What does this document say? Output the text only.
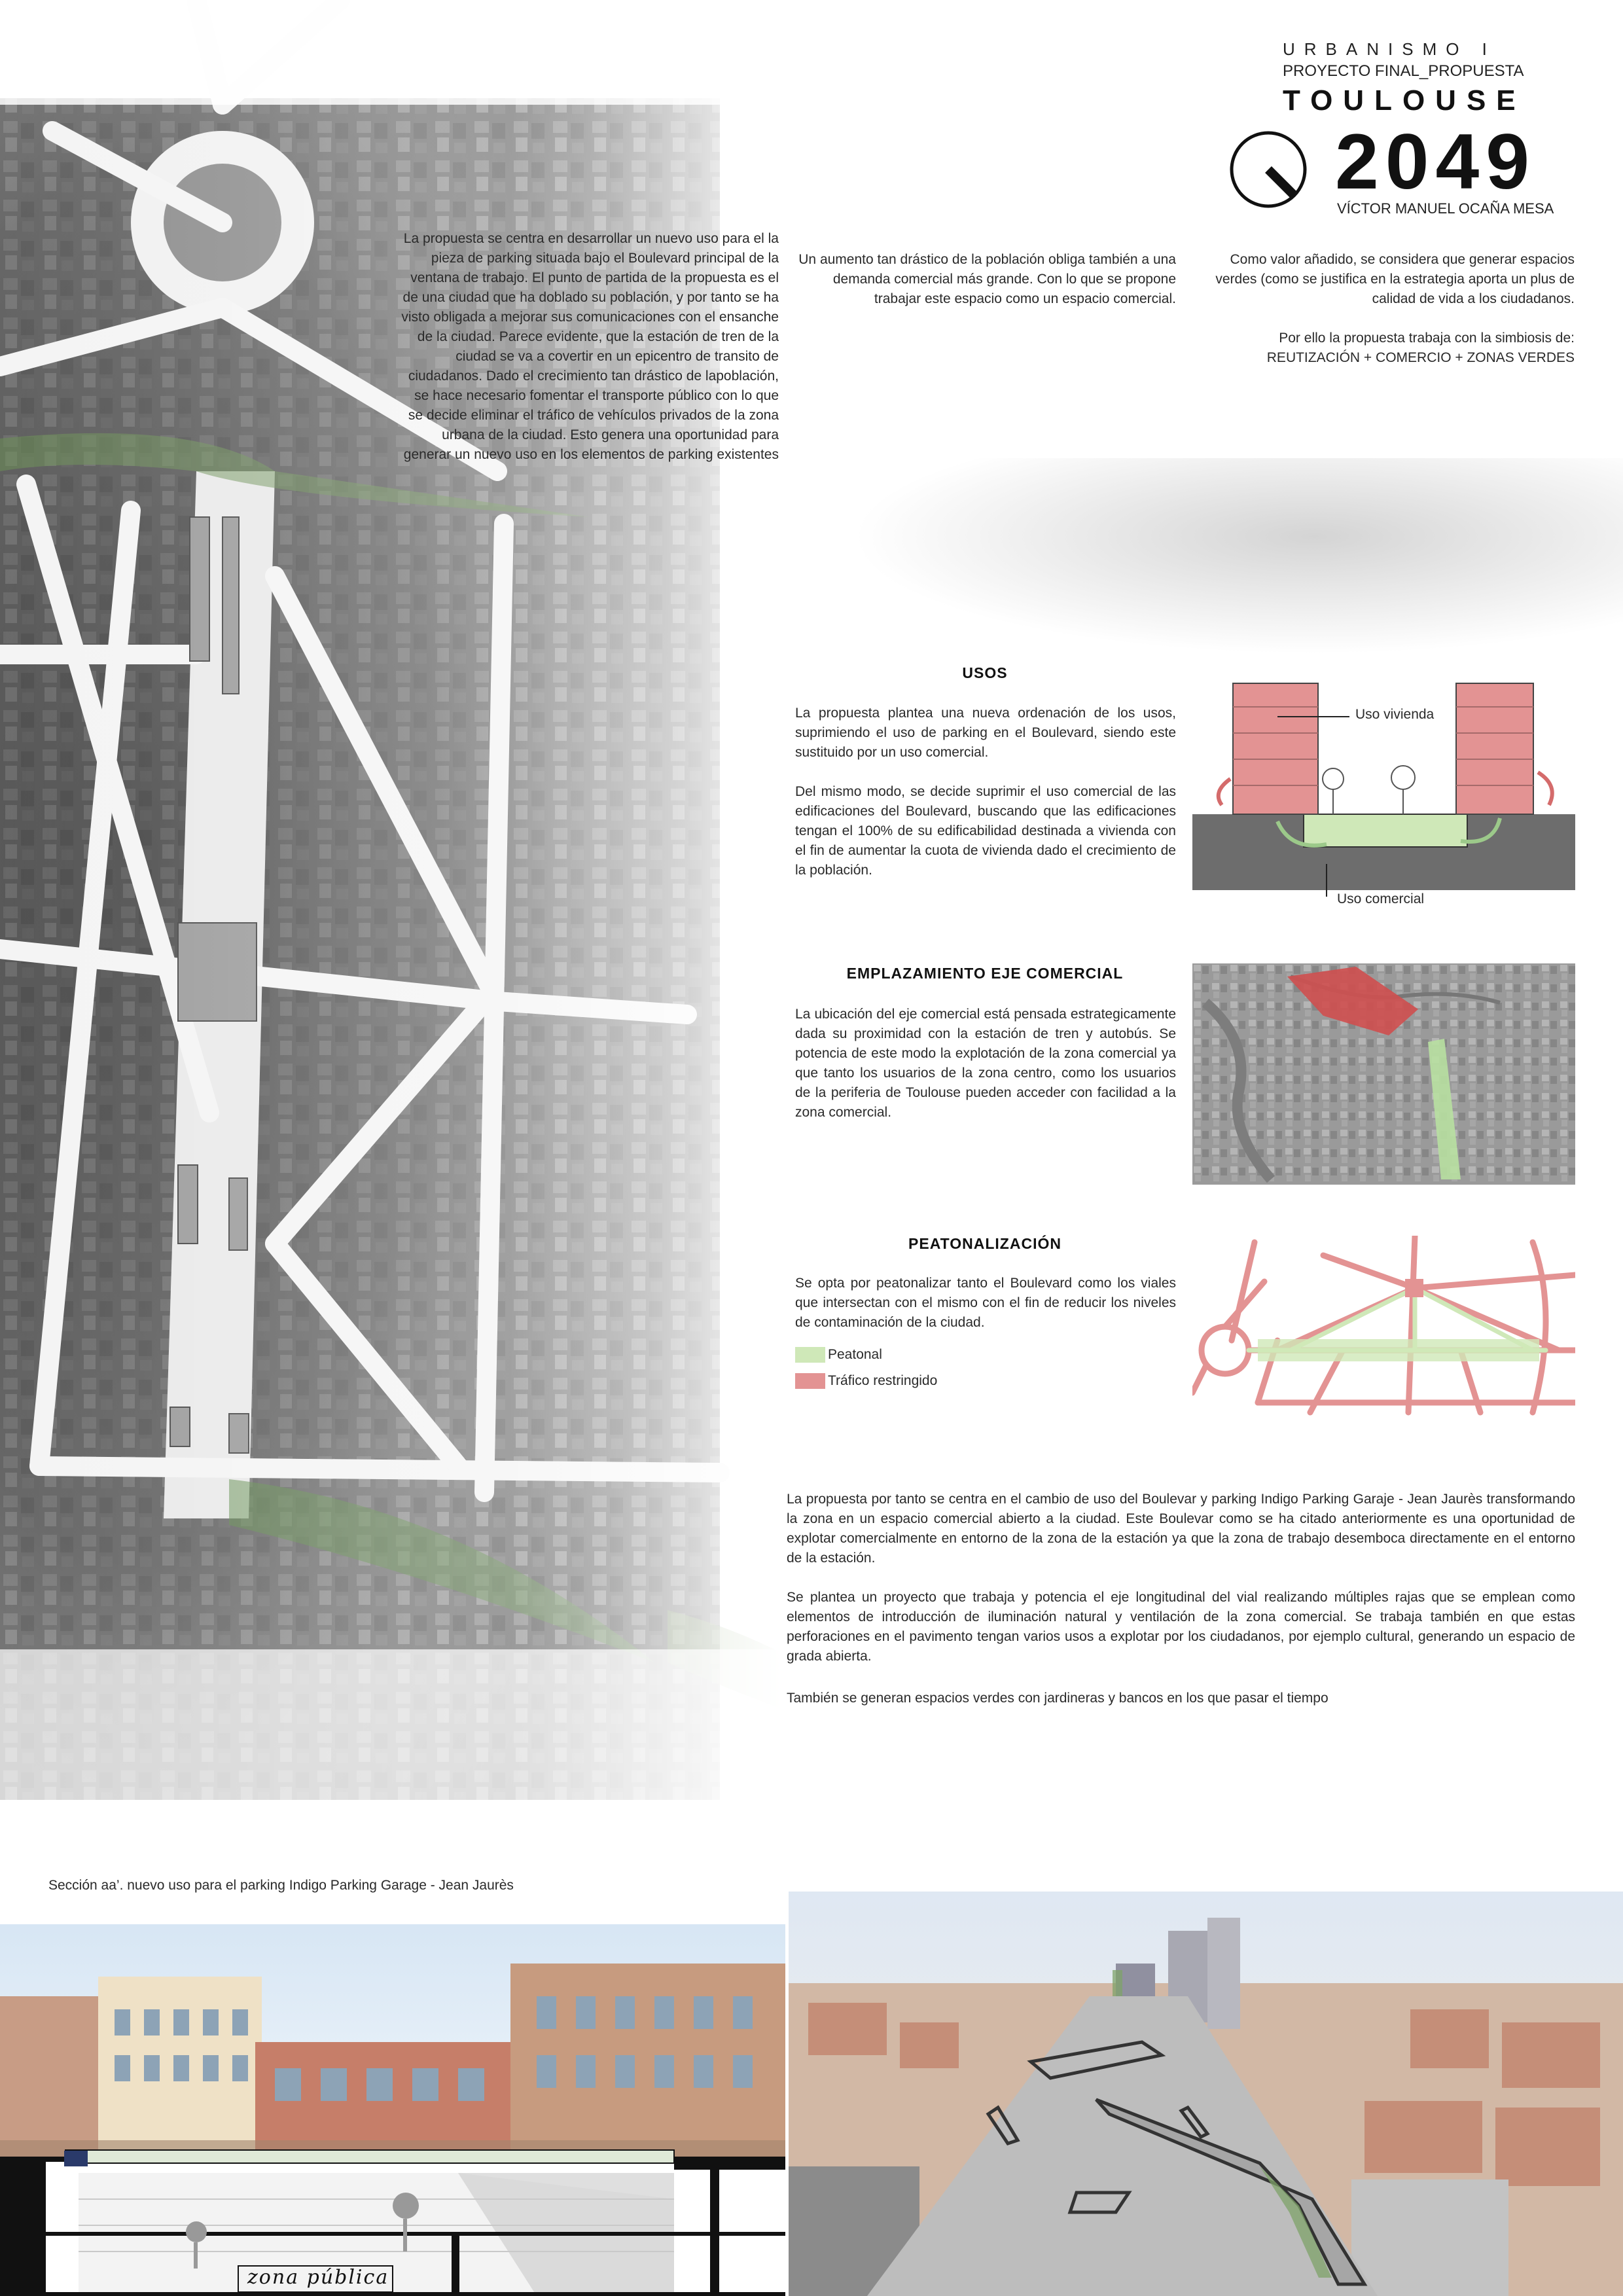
URBANISMO I
PROYECTO FINAL_PROPUESTA
TOULOUSE
2049
VÍCTOR MANUEL OCAÑA MESA
La propuesta se centra en desarrollar un nuevo uso para el la pieza de parking situada bajo el Boulevard principal de la ventana de trabajo. El punto de partida de la propuesta es el de una ciudad que ha doblado su población, y por tanto se ha visto obligada a mejorar sus comunicaciones con el ensanche de la ciudad. Parece evidente, que la estación de tren de la ciudad se va a covertir en un epicentro de transito de ciudadanos. Dado el crecimiento tan drástico de lapoblación, se hace necesario fomentar el transporte público con lo que se decide eliminar el tráfico de vehículos privados de la zona urbana de la ciudad. Esto genera una oportunidad para generar un nuevo uso en los elementos de parking existentes
Un aumento tan drástico de la población obliga también a una demanda comercial más grande. Con lo que se propone trabajar este espacio como un espacio comercial.
Como valor añadido, se considera que generar espacios verdes (como se justifica en la estrategia aporta un plus de calidad de vida a los ciudadanos.
Por ello la propuesta trabaja con la simbiosis de:
REUTIZACIÓN + COMERCIO + ZONAS VERDES
USOS
La propuesta plantea una nueva ordenación de los usos, suprimiendo el uso de parking en el Boulevard, siendo este sustituido por un uso comercial.
Del mismo modo, se decide suprimir el uso comercial de las edificaciones del Boulevard, buscando que las edificaciones tengan el 100% de su edificabilidad destinada a vivienda con el fin de aumentar la cuota de vivienda dado el crecimiento de la población.
Uso vivienda
Uso comercial
EMPLAZAMIENTO EJE COMERCIAL
La ubicación del eje comercial está pensada estrategicamente dada su proximidad con la estación de tren y autobús. Se potencia de este modo la explotación de la zona comercial ya que tanto los usuarios de la zona centro, como los usuarios de la periferia de Toulouse pueden acceder con facilidad a la zona comercial.
PEATONALIZACIÓN
Se opta por peatonalizar tanto el Boulevard como los viales que intersectan con el mismo con el fin de reducir los niveles de contaminación de la ciudad.
Peatonal
Tráfico restringido
La propuesta por tanto se centra en el cambio de uso del Boulevar y parking Indigo Parking Garaje - Jean Jaurès transformando la zona en un espacio comercial abierto a la ciudad. Este Boulevar como se ha citado anteriormente es una oportunidad de explotar comercialmente en entorno de la zona de la estación ya que la zona de trabajo desemboca directamente en el entorno de la estación.
Se plantea un proyecto que trabaja y potencia el eje longitudinal del vial realizando múltiples rajas que se emplean como elementos de introducción de iluminación natural y ventilación de la zona comercial. Se trabaja también en que estas perforaciones en el pavimento tengan varios usos a explotar por los ciudadanos, por ejemplo cultural, generando un espacio de grada abierta.
También se generan espacios verdes con jardineras y bancos en los que pasar el tiempo
Sección aa’. nuevo uso para el parking Indigo Parking Garage - Jean Jaurès
zona pública
